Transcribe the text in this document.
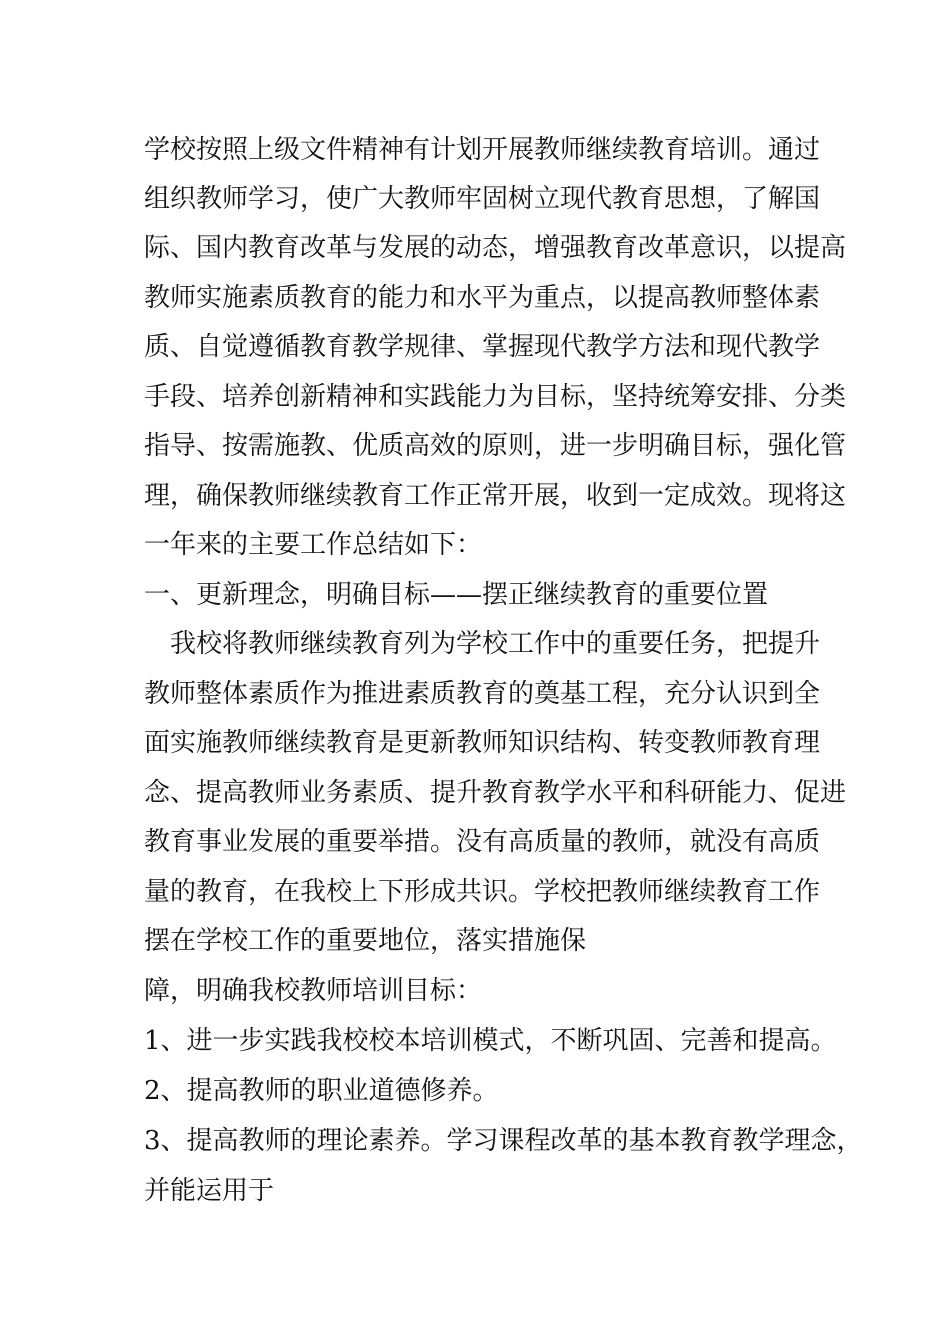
学校按照上级文件精神有计划开展教师继续教育培训。通过
组织教师学习，使广大教师牢固树立现代教育思想，了解国
际、国内教育改革与发展的动态，增强教育改革意识，以提高
教师实施素质教育的能力和水平为重点，以提高教师整体素
质、自觉遵循教育教学规律、掌握现代教学方法和现代教学
手段、培养创新精神和实践能力为目标，坚持统筹安排、分类
指导、按需施教、优质高效的原则，进一步明确目标，强化管
理，确保教师继续教育工作正常开展，收到一定成效。现将这
一年来的主要工作总结如下：
一、更新理念，明确目标——摆正继续教育的重要位置
我校将教师继续教育列为学校工作中的重要任务，把提升
教师整体素质作为推进素质教育的奠基工程，充分认识到全
面实施教师继续教育是更新教师知识结构、转变教师教育理
念、提高教师业务素质、提升教育教学水平和科研能力、促进
教育事业发展的重要举措。没有高质量的教师，就没有高质
量的教育，在我校上下形成共识。学校把教师继续教育工作
摆在学校工作的重要地位，落实措施保
障，明确我校教师培训目标：
1、进一步实践我校校本培训模式，不断巩固、完善和提高。
2、提高教师的职业道德修养。
3、提高教师的理论素养。学习课程改革的基本教育教学理念，
并能运用于
